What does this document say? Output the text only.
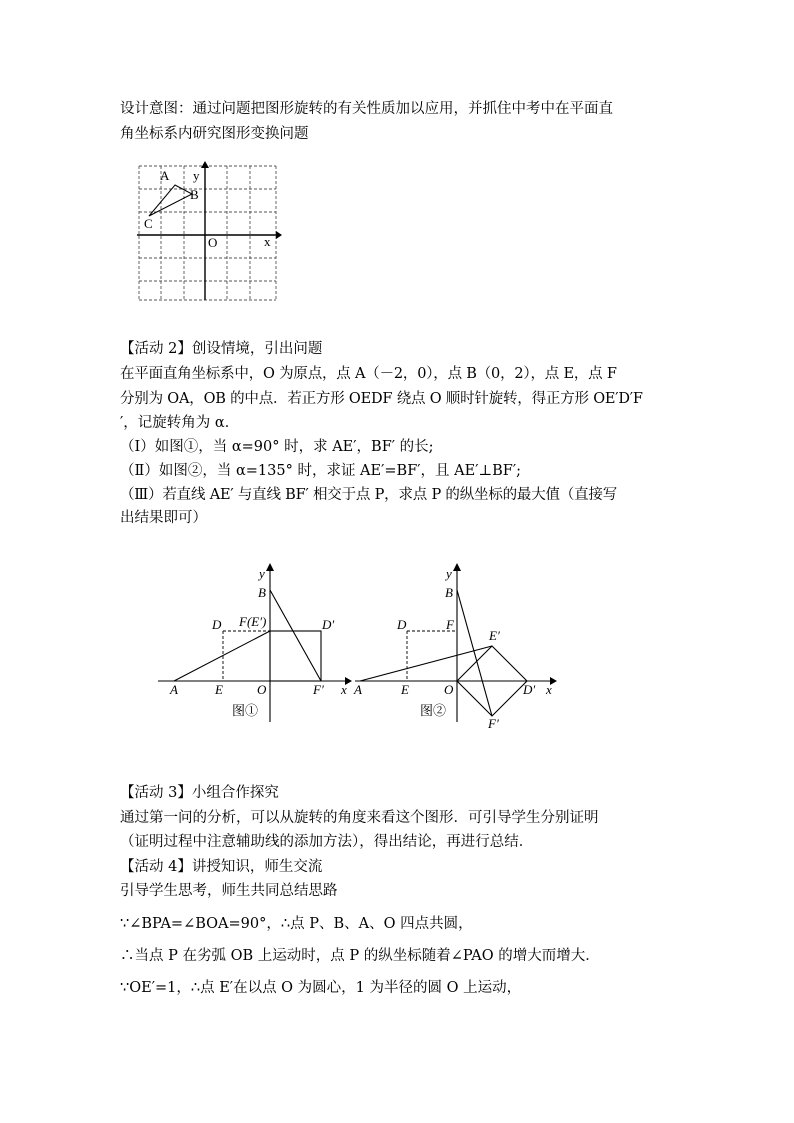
设计意图：通过问题把图形旋转的有关性质加以应用，并抓住中考中在平面直
角坐标系内研究图形变换问题
A
B
C
O	x
y
【活动 2】创设情境，引出问题
在平面直角坐标系中，O 为原点，点 A（－2，0），点 B（0，2），点 E，点 F
分别为 OA，OB 的中点．若正方形 OEDF 绕点 O 顺时针旋转，得正方形 OE′D′F
′，记旋转角为 α．
（Ⅰ）如图①，当 α=90° 时，求 AE′，BF′ 的长;
（Ⅱ）如图②，当 α=135° 时，求证 AE′=BF′，且 AE′⊥BF′;
（Ⅲ）若直线 AE′ 与直线 BF′ 相交于点 P，求点 P 的纵坐标的最大值（直接写
出结果即可）
y
B
D F(E′)	D′
A	E	O	F′ x
图①
y
B
D	F
E′
A	E	O	D′ x
F′
图②
【活动 3】小组合作探究
通过第一问的分析，可以从旋转的角度来看这个图形．可引导学生分别证明
（证明过程中注意辅助线的添加方法），得出结论，再进行总结．
【活动 4】讲授知识，师生交流
引导学生思考，师生共同总结思路
∵∠BPA=∠BOA=90°，∴点 P、B、A、O 四点共圆，
∴当点 P 在劣弧 OB 上运动时，点 P 的纵坐标随着∠PAO 的增大而增大．
∵OE′=1，∴点 E′在以点 O 为圆心，1 为半径的圆 O 上运动，
